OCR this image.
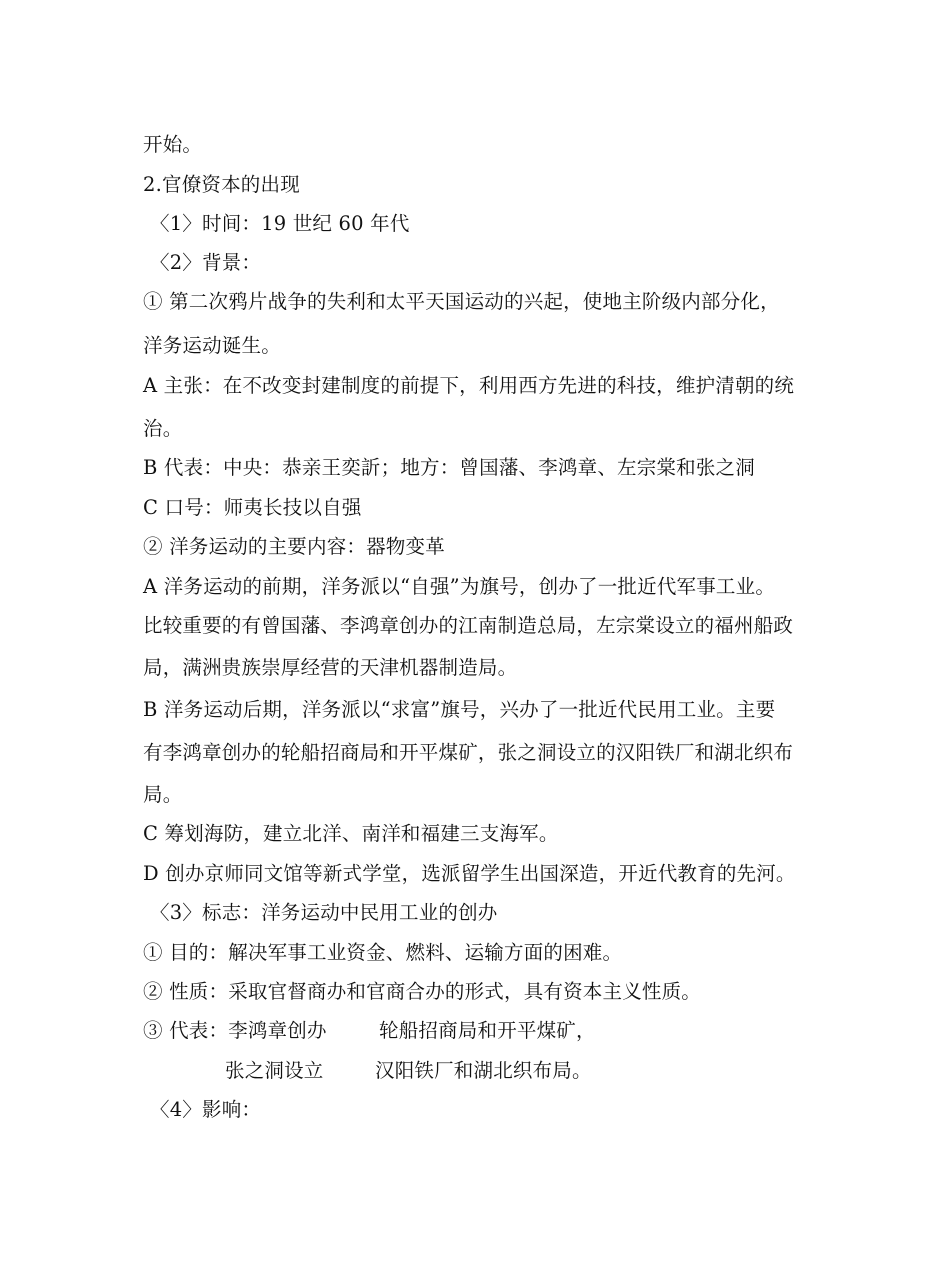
开始。
2.官僚资本的出现
〈1〉时间：19 世纪 60 年代
〈2〉背景：
① 第二次鸦片战争的失利和太平天国运动的兴起，使地主阶级内部分化，
洋务运动诞生。
A 主张：在不改变封建制度的前提下，利用西方先进的科技，维护清朝的统
治。
B 代表：中央：恭亲王奕訢；地方：曾国藩、李鸿章、左宗棠和张之洞
C 口号：师夷长技以自强
② 洋务运动的主要内容：器物变革
A 洋务运动的前期，洋务派以“自强”为旗号，创办了一批近代军事工业。
比较重要的有曾国藩、李鸿章创办的江南制造总局，左宗棠设立的福州船政
局，满洲贵族崇厚经营的天津机器制造局。
B 洋务运动后期，洋务派以“求富”旗号，兴办了一批近代民用工业。主要
有李鸿章创办的轮船招商局和开平煤矿，张之洞设立的汉阳铁厂和湖北织布
局。
C 筹划海防，建立北洋、南洋和福建三支海军。
D 创办京师同文馆等新式学堂，选派留学生出国深造，开近代教育的先河。
〈3〉标志：洋务运动中民用工业的创办
① 目的：解决军事工业资金、燃料、运输方面的困难。
② 性质：采取官督商办和官商合办的形式，具有资本主义性质。
③ 代表：李鸿章创办	轮船招商局和开平煤矿，
张之洞设立	汉阳铁厂和湖北织布局。
〈4〉影响：
